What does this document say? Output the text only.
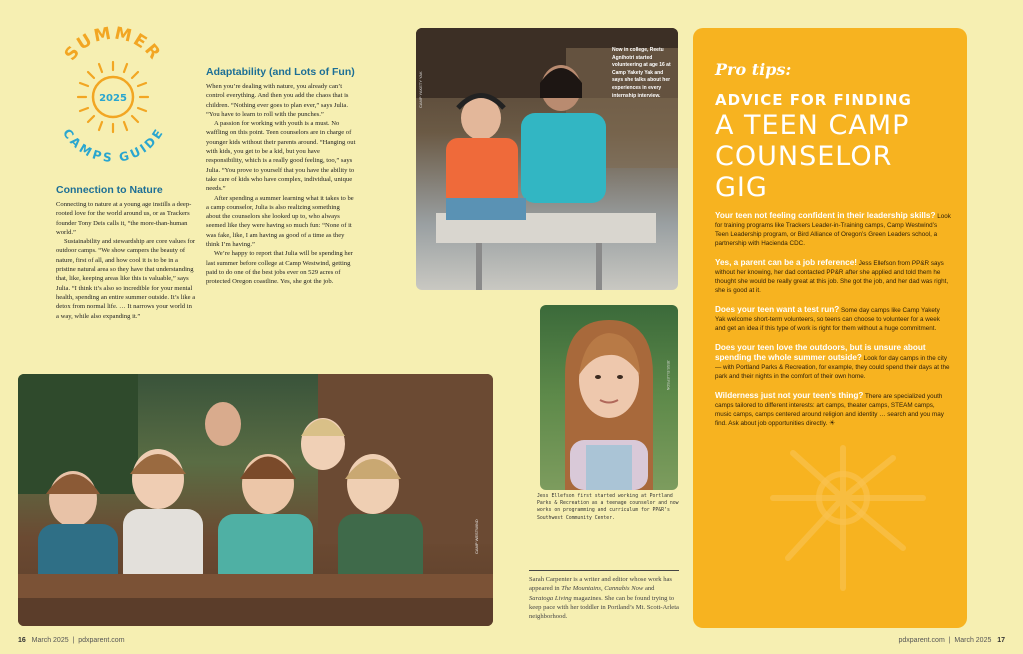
SUMMER
CAMPS GUIDE
2025
Connection to Nature

Connecting to nature at a young age instills a deep-rooted love for the world around us, or as Trackers founder Tony Deis calls it, “the more-than-human world.”

Sustainability and stewardship are core values for outdoor camps. “We show campers the beauty of nature, first of all, and how cool it is to be in a pristine natural area so they have that understanding that, like, keeping areas like this is valuable,” says Julia. “I think it’s also so incredible for your mental health, spending an entire summer outside. It’s like a detox from normal life. … It narrows your world in a way, while also expanding it.”

Adaptability (and Lots of Fun)

When you’re dealing with nature, you already can’t control everything. And then you add the chaos that is children. “Nothing ever goes to plan ever,” says Julia. “You have to learn to roll with the punches.”

A passion for working with youth is a must. No waffling on this point. Teen counselors are in charge of younger kids without their parents around. “Hanging out with kids, you get to be a kid, but you have responsibility, which is a really good feeling, too,” says Julia. “You prove to yourself that you have the ability to take care of kids who have complex, individual, unique needs.”

After spending a summer learning what it takes to be a camp counselor, Julia is also realizing something about the counselors she looked up to, who always seemed like they were having so much fun: “None of it was fake, like, I am having as good of a time as they think I’m having.”

We’re happy to report that Julia will be spending her last summer before college at Camp Westwind, getting paid to do one of the best jobs ever on 529 acres of protected Oregon coastline. Yes, she got the job.

CAMP YAKETY YAK
Now in college, Reetu Agnihotri started volunteering at age 16 at Camp Yakety Yak and says she talks about her experiences in every internship interview.
CAMP WESTWIND
JESS ELLEFSON
Jess Ellefson first started working at Portland Parks & Recreation as a teenage counselor and now works on programming and curriculum for PP&R’s Southwest Community Center.
Sarah Carpenter is a writer and editor whose work has appeared in The Mountains, Cannabis Now and Saratoga Living magazines. She can be found trying to keep pace with her toddler in Portland’s Mt. Scott-Arleta neighborhood.
Pro tips:
ADVICE FOR FINDING
A TEEN CAMP
COUNSELOR
GIG

Your teen not feeling confident in their leadership skills? Look for training programs like Trackers Leader-in-Training camps, Camp Westwind’s Teen Leadership program, or Bird Alliance of Oregon’s Green Leaders school, a partnership with Hacienda CDC.

Yes, a parent can be a job reference! Jess Ellefson from PP&R says without her knowing, her dad contacted PP&R after she applied and told them he thought she would be really great at this job. She got the job, and her dad was right, she is good at it.

Does your teen want a test run? Some day camps like Camp Yakety Yak welcome short-term volunteers, so teens can choose to volunteer for a week and get an idea if this type of work is right for them without a huge commitment.

Does your teen love the outdoors, but is unsure about spending the whole summer outside? Look for day camps in the city — with Portland Parks & Recreation, for example, they could spend their days at the park and their nights in the comfort of their own home.

Wilderness just not your teen’s thing? There are specialized youth camps tailored to different interests: art camps, theater camps, STEAM camps, music camps, camps centered around religion and identity … search and you may find. Ask about job opportunities directly. ☀

16 March 2025 | pdxparent.com	pdxparent.com | March 2025 17
